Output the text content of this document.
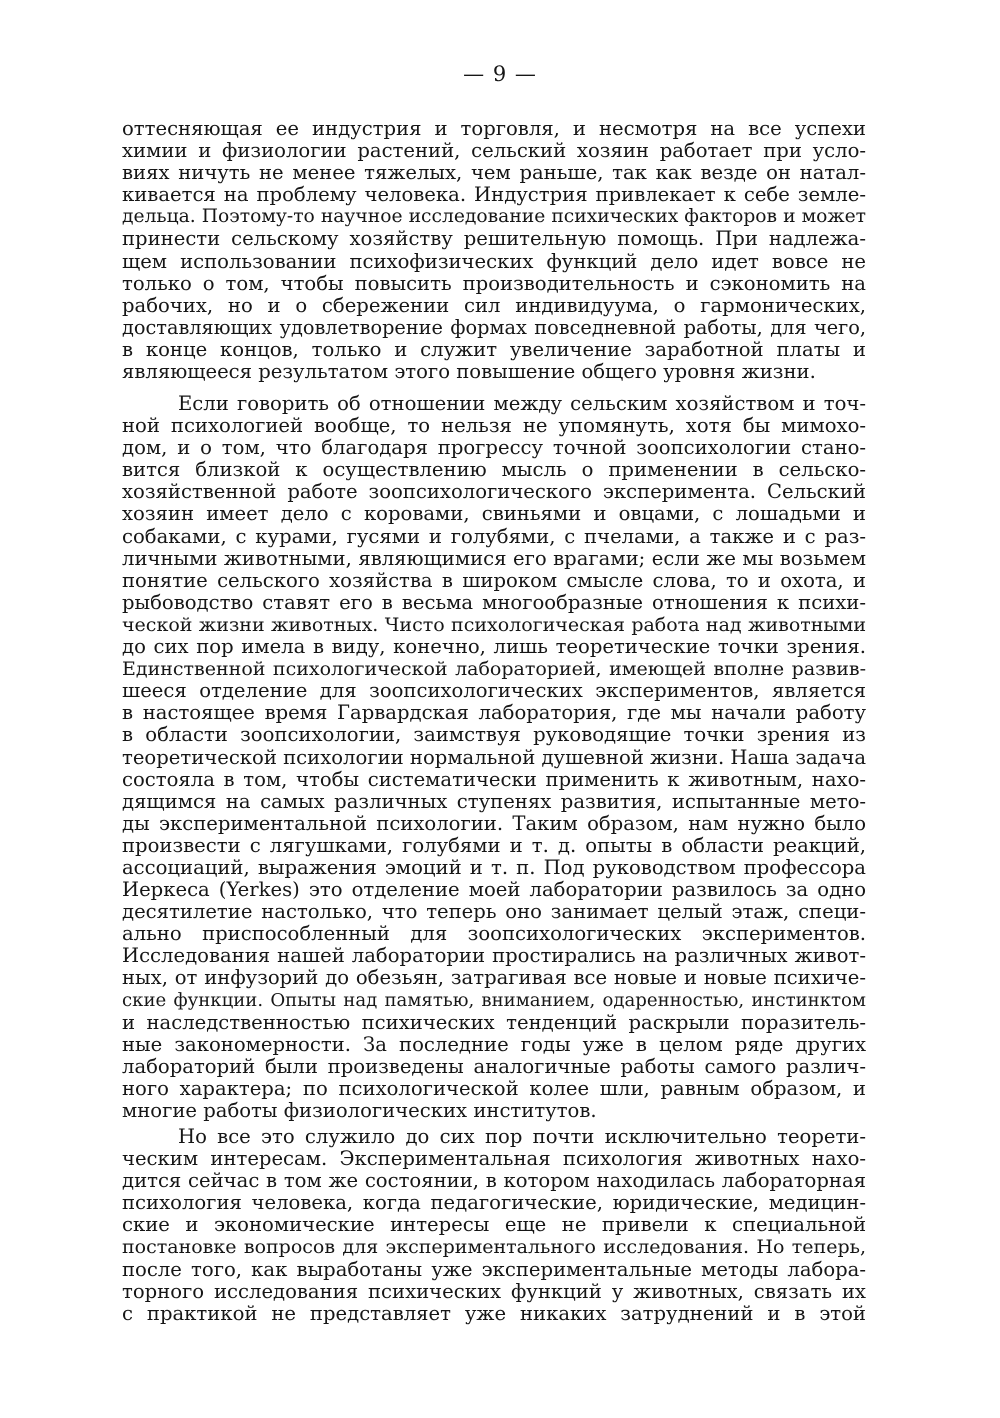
— 9 —
оттесняющая ее индустрия и торговля, и несмотря на все успехи
химии и физиологии растений, сельский хозяин работает при усло-
виях ничуть не менее тяжелых, чем раньше, так как везде он натал-
кивается на проблему человека. Индустрия привлекает к себе земле-
дельца. Поэтому-то научное исследование психических факторов и может
принести сельскому хозяйству решительную помощь. При надлежа-
щем использовании психофизических функций дело идет вовсе не
только о том, чтобы повысить производительность и сэкономить на
рабочих, но и о сбережении сил индивидуума, о гармонических,
доставляющих удовлетворение формах повседневной работы, для чего,
в конце концов, только и служит увеличение заработной платы и
являющееся результатом этого повышение общего уровня жизни.
Если говорить об отношении между сельским хозяйством и точ-
ной психологией вообще, то нельзя не упомянуть, хотя бы мимохо-
дом, и о том, что благодаря прогрессу точной зоопсихологии стано-
вится близкой к осуществлению мысль о применении в сельско-
хозяйственной работе зоопсихологического эксперимента. Сельский
хозяин имеет дело с коровами, свиньями и овцами, с лошадьми и
собаками, с курами, гусями и голубями, с пчелами, а также и с раз-
личными животными, являющимися его врагами; если же мы возьмем
понятие сельского хозяйства в широком смысле слова, то и охота, и
рыбоводство ставят его в весьма многообразные отношения к психи-
ческой жизни животных. Чисто психологическая работа над животными
до сих пор имела в виду, конечно, лишь теоретические точки зрения.
Единственной психологической лабораторией, имеющей вполне развив-
шееся отделение для зоопсихологических экспериментов, является
в настоящее время Гарвардская лаборатория, где мы начали работу
в области зоопсихологии, заимствуя руководящие точки зрения из
теоретической психологии нормальной душевной жизни. Наша задача
состояла в том, чтобы систематически применить к животным, нахо-
дящимся на самых различных ступенях развития, испытанные мето-
ды экспериментальной психологии. Таким образом, нам нужно было
произвести с лягушками, голубями и т. д. опыты в области реакций,
ассоциаций, выражения эмоций и т. п. Под руководством профессора
Иеркеса (Yerkes) это отделение моей лаборатории развилось за одно
десятилетие настолько, что теперь оно занимает целый этаж, специ-
ально приспособленный для зоопсихологических экспериментов.
Исследования нашей лаборатории простирались на различных живот-
ных, от инфузорий до обезьян, затрагивая все новые и новые психиче-
ские функции. Опыты над памятью, вниманием, одаренностью, инстинктом
и наследственностью психических тенденций раскрыли поразитель-
ные закономерности. За последние годы уже в целом ряде других
лабораторий были произведены аналогичные работы самого различ-
ного характера; по психологической колее шли, равным образом, и
многие работы физиологических институтов.
Но все это служило до сих пор почти исключительно теорети-
ческим интересам. Экспериментальная психология животных нахо-
дится сейчас в том же состоянии, в котором находилась лабораторная
психология человека, когда педагогические, юридические, медицин-
ские и экономические интересы еще не привели к специальной
постановке вопросов для экспериментального исследования. Но теперь,
после того, как выработаны уже экспериментальные методы лабора-
торного исследования психических функций у животных, связать их
с практикой не представляет уже никаких затруднений и в этой
